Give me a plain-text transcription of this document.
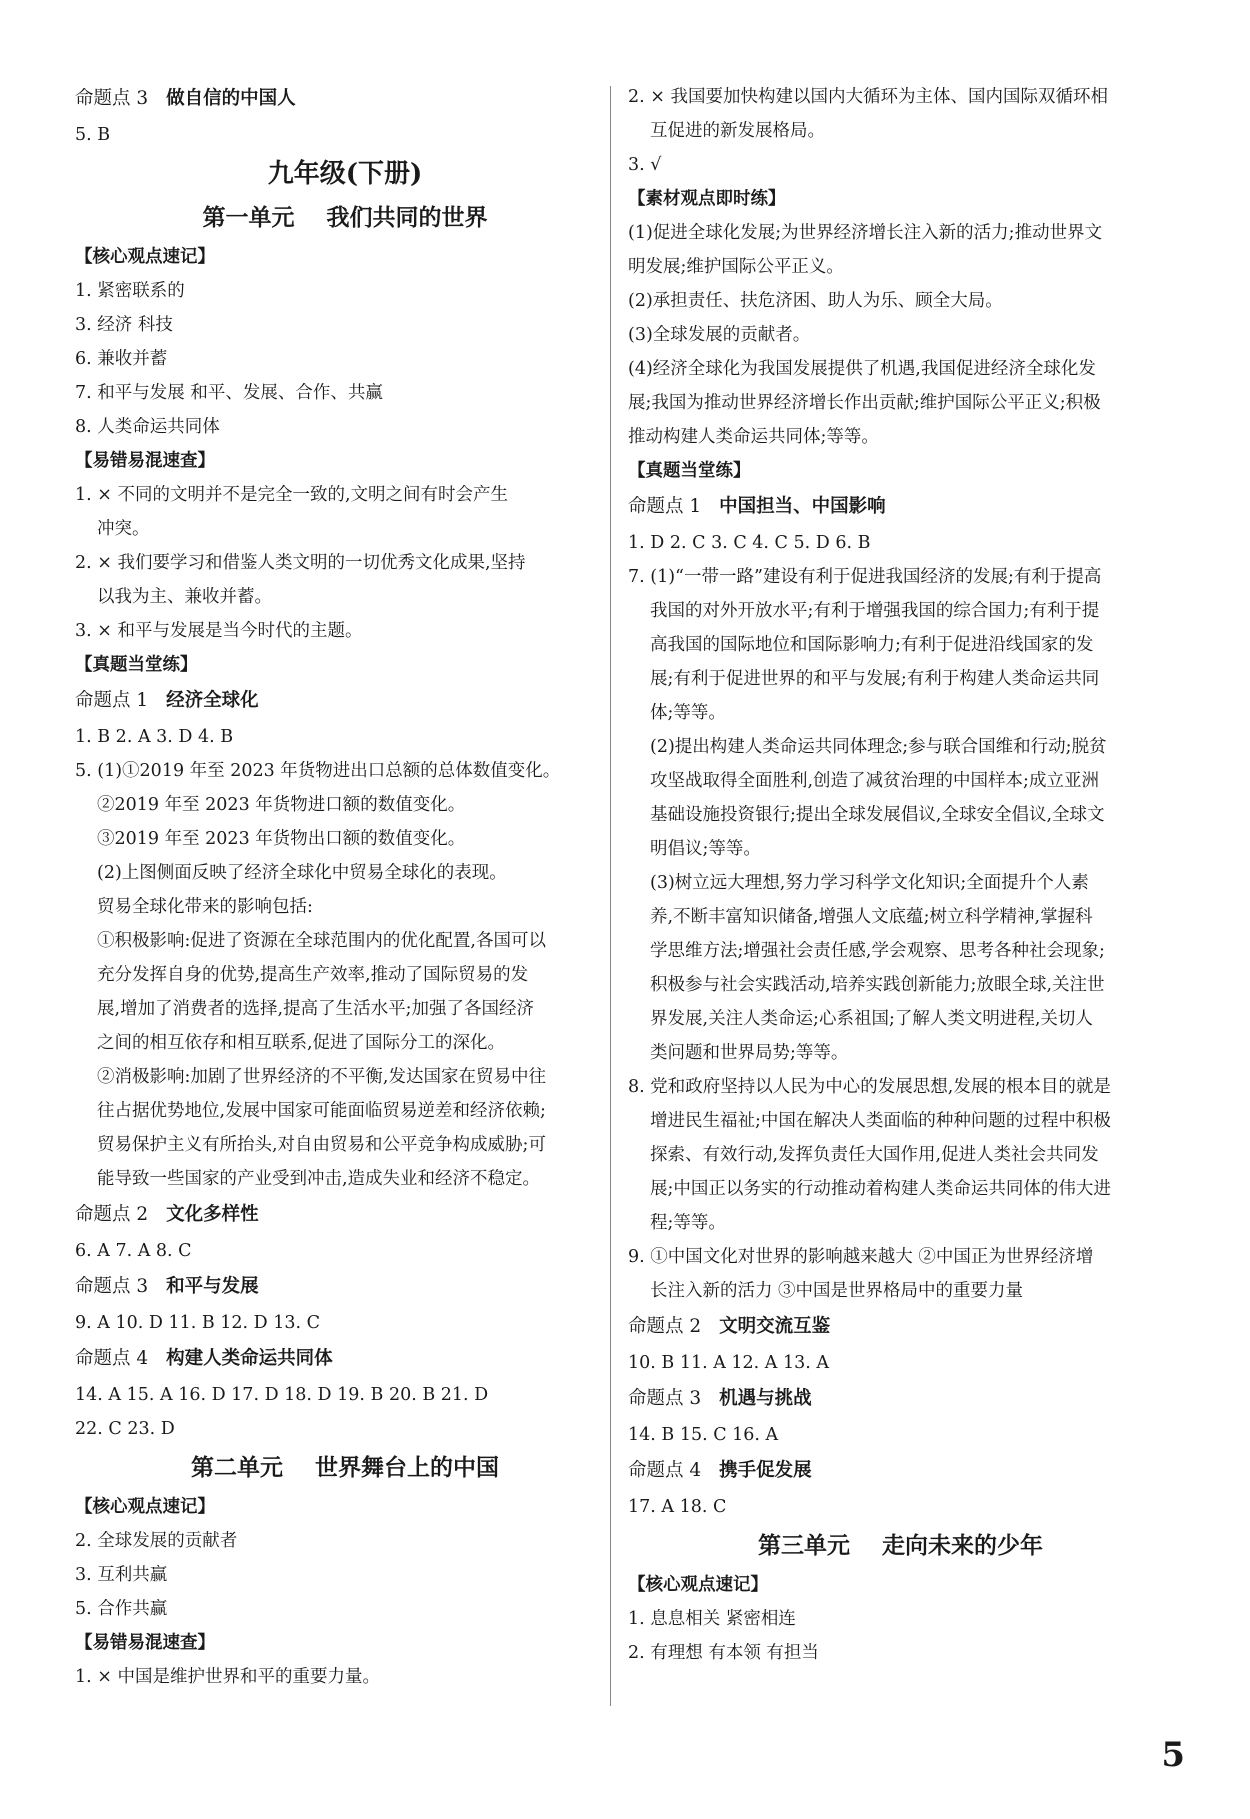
命题点 3 做自信的中国人
5. B
九年级(下册)
第一单元    我们共同的世界
【核心观点速记】
1. 紧密联系的
3. 经济 科技
6. 兼收并蓄
7. 和平与发展 和平、发展、合作、共赢
8. 人类命运共同体
【易错易混速查】
1. × 不同的文明并不是完全一致的,文明之间有时会产生
冲突。
2. × 我们要学习和借鉴人类文明的一切优秀文化成果,坚持
以我为主、兼收并蓄。
3. × 和平与发展是当今时代的主题。
【真题当堂练】
命题点 1 经济全球化
1. B 2. A 3. D 4. B
5. (1)①2019 年至 2023 年货物进出口总额的总体数值变化。
②2019 年至 2023 年货物进口额的数值变化。
③2019 年至 2023 年货物出口额的数值变化。
(2)上图侧面反映了经济全球化中贸易全球化的表现。
贸易全球化带来的影响包括:
①积极影响:促进了资源在全球范围内的优化配置,各国可以
充分发挥自身的优势,提高生产效率,推动了国际贸易的发
展,增加了消费者的选择,提高了生活水平;加强了各国经济
之间的相互依存和相互联系,促进了国际分工的深化。
②消极影响:加剧了世界经济的不平衡,发达国家在贸易中往
往占据优势地位,发展中国家可能面临贸易逆差和经济依赖;
贸易保护主义有所抬头,对自由贸易和公平竞争构成威胁;可
能导致一些国家的产业受到冲击,造成失业和经济不稳定。
命题点 2 文化多样性
6. A 7. A 8. C
命题点 3 和平与发展
9. A 10. D 11. B 12. D 13. C
命题点 4 构建人类命运共同体
14. A 15. A 16. D 17. D 18. D 19. B 20. B 21. D
22. C 23. D
第二单元    世界舞台上的中国
【核心观点速记】
2. 全球发展的贡献者
3. 互利共赢
5. 合作共赢
【易错易混速查】
1. × 中国是维护世界和平的重要力量。
2. × 我国要加快构建以国内大循环为主体、国内国际双循环相
互促进的新发展格局。
3. √
【素材观点即时练】
(1)促进全球化发展;为世界经济增长注入新的活力;推动世界文
明发展;维护国际公平正义。
(2)承担责任、扶危济困、助人为乐、顾全大局。
(3)全球发展的贡献者。
(4)经济全球化为我国发展提供了机遇,我国促进经济全球化发
展;我国为推动世界经济增长作出贡献;维护国际公平正义;积极
推动构建人类命运共同体;等等。
【真题当堂练】
命题点 1 中国担当、中国影响
1. D 2. C 3. C 4. C 5. D 6. B
7. (1)“一带一路”建设有利于促进我国经济的发展;有利于提高
我国的对外开放水平;有利于增强我国的综合国力;有利于提
高我国的国际地位和国际影响力;有利于促进沿线国家的发
展;有利于促进世界的和平与发展;有利于构建人类命运共同
体;等等。
(2)提出构建人类命运共同体理念;参与联合国维和行动;脱贫
攻坚战取得全面胜利,创造了减贫治理的中国样本;成立亚洲
基础设施投资银行;提出全球发展倡议,全球安全倡议,全球文
明倡议;等等。
(3)树立远大理想,努力学习科学文化知识;全面提升个人素
养,不断丰富知识储备,增强人文底蕴;树立科学精神,掌握科
学思维方法;增强社会责任感,学会观察、思考各种社会现象;
积极参与社会实践活动,培养实践创新能力;放眼全球,关注世
界发展,关注人类命运;心系祖国;了解人类文明进程,关切人
类问题和世界局势;等等。
8. 党和政府坚持以人民为中心的发展思想,发展的根本目的就是
增进民生福祉;中国在解决人类面临的种种问题的过程中积极
探索、有效行动,发挥负责任大国作用,促进人类社会共同发
展;中国正以务实的行动推动着构建人类命运共同体的伟大进
程;等等。
9. ①中国文化对世界的影响越来越大 ②中国正为世界经济增
长注入新的活力 ③中国是世界格局中的重要力量
命题点 2 文明交流互鉴
10. B 11. A 12. A 13. A
命题点 3 机遇与挑战
14. B 15. C 16. A
命题点 4 携手促发展
17. A 18. C
第三单元    走向未来的少年
【核心观点速记】
1. 息息相关 紧密相连
2. 有理想 有本领 有担当
5
